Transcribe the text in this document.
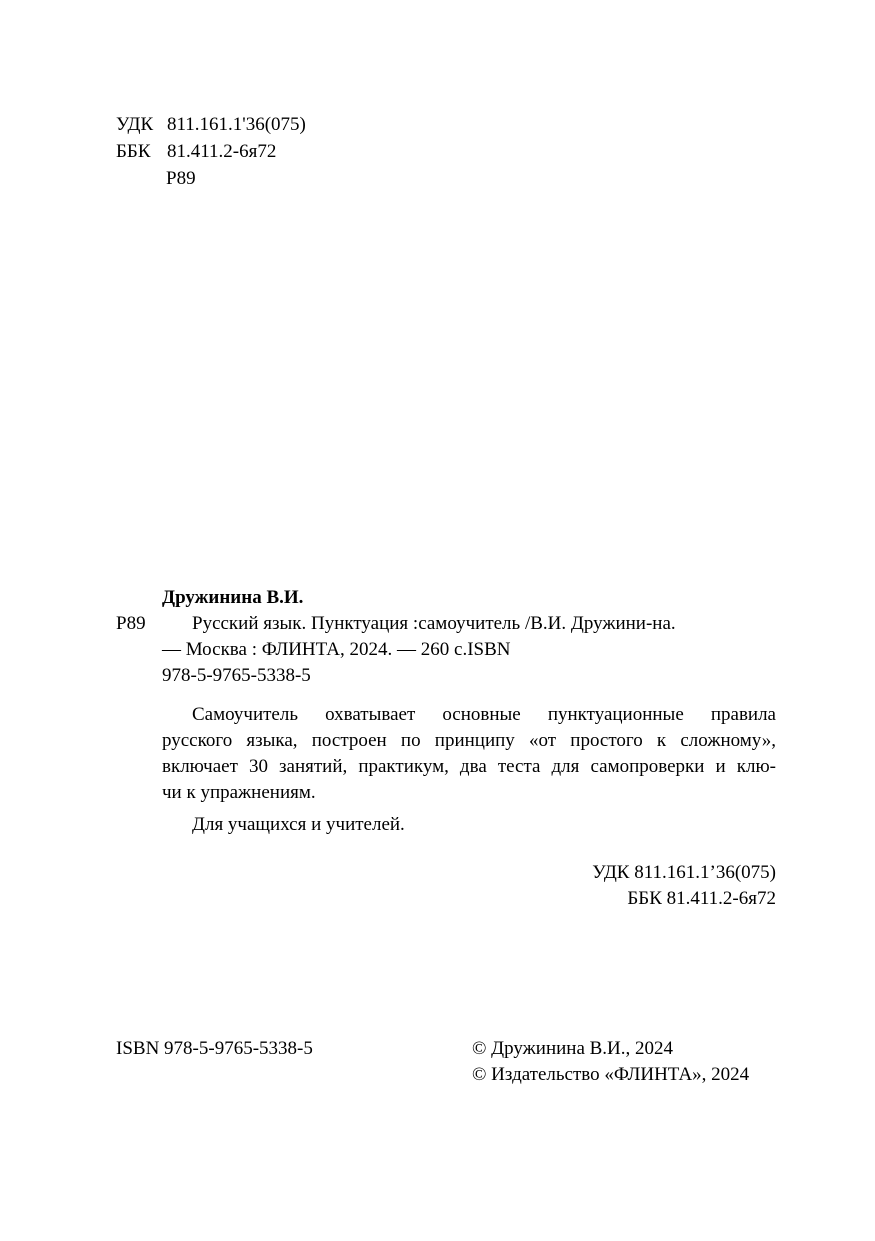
УДК 811.161.1'36(075)
ББК 81.411.2-6я72
Р89
Дружинина В.И.
Р89 Русский язык. Пунктуация :самоучитель /В.И. Дружини-на.
— Москва : ФЛИНТА, 2024. — 260 с.ISBN
978-5-9765-5338-5
Самоучитель охватывает основные пунктуационные правила
русского языка, построен по принципу «от простого к сложному»,
включает 30 занятий, практикум, два теста для самопроверки и клю-
чи к упражнениям.
Для учащихся и учителей.
УДК 811.161.1’36(075)
ББК 81.411.2-6я72
ISBN 978-5-9765-5338-5	© Дружинина В.И., 2024
© Издательство «ФЛИНТА», 2024
